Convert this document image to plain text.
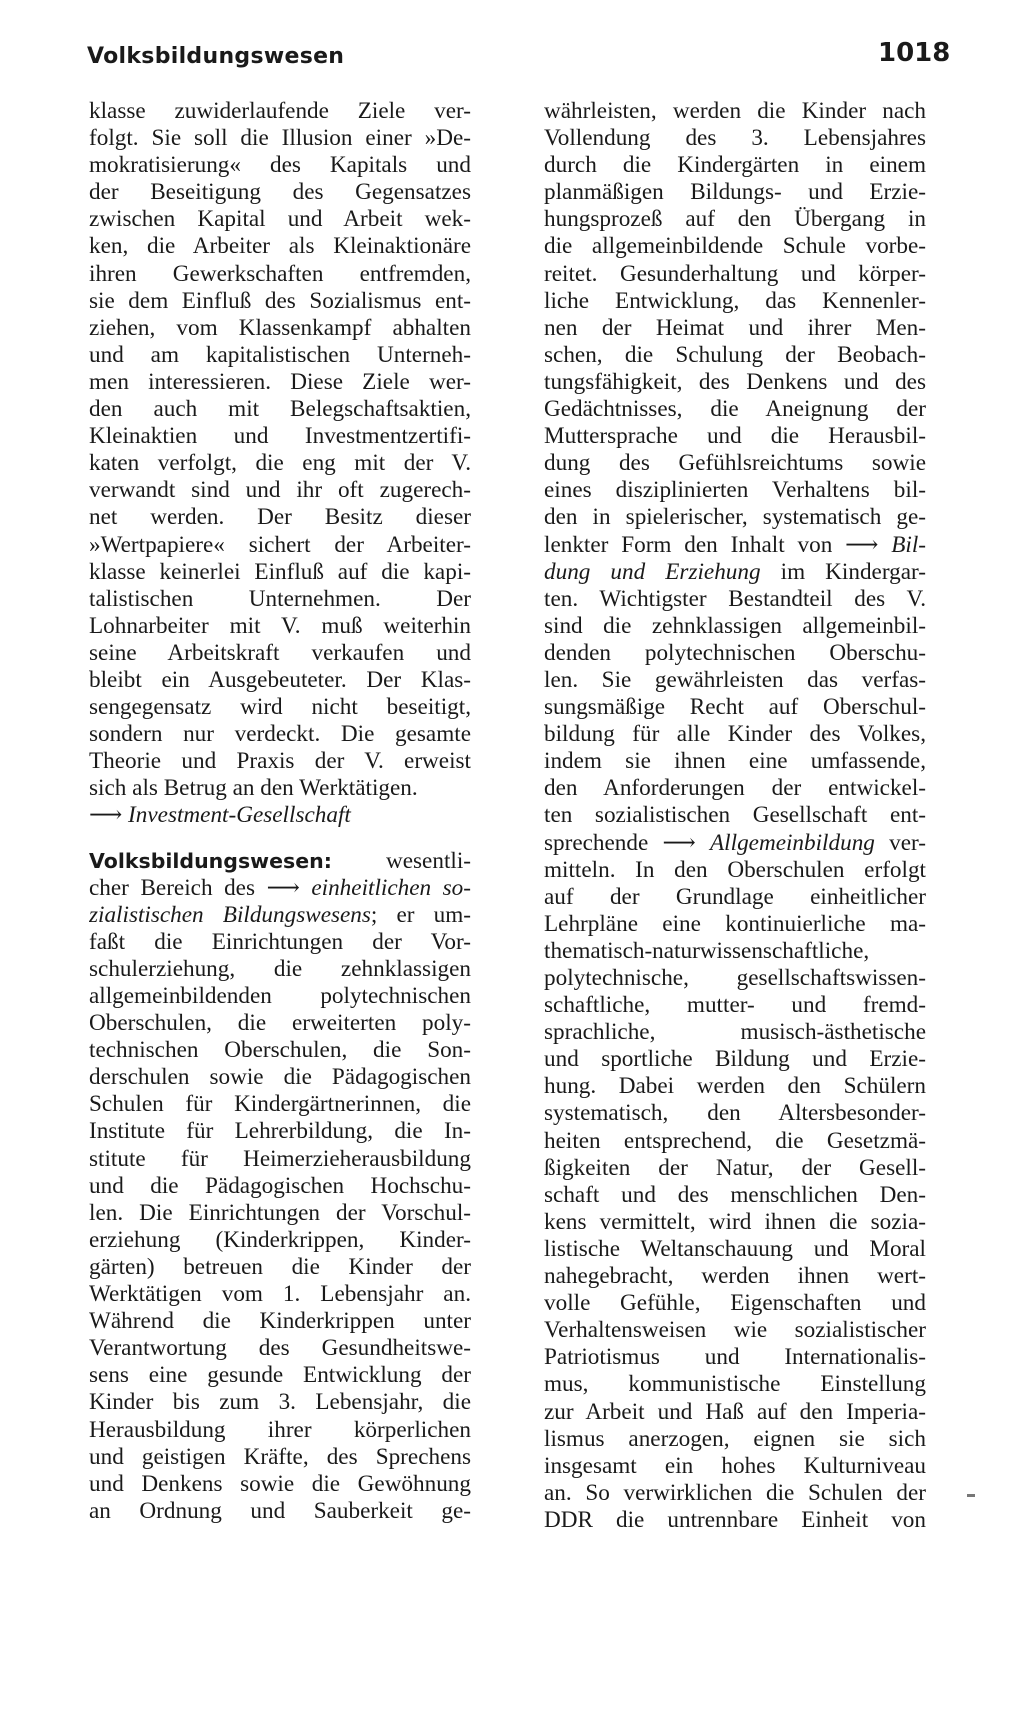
Volksbildungswesen	1018

klasse zuwiderlaufende Ziele ver-
folgt. Sie soll die Illusion einer »De-
mokratisierung« des Kapitals und
der Beseitigung des Gegensatzes
zwischen Kapital und Arbeit wek-
ken, die Arbeiter als Kleinaktionäre
ihren Gewerkschaften entfremden,
sie dem Einfluß des Sozialismus ent-
ziehen, vom Klassenkampf abhalten
und am kapitalistischen Unterneh-
men interessieren. Diese Ziele wer-
den auch mit Belegschaftsaktien,
Kleinaktien und Investmentzertifi-
katen verfolgt, die eng mit der V.
verwandt sind und ihr oft zugerech-
net werden. Der Besitz dieser
»Wertpapiere« sichert der Arbeiter-
klasse keinerlei Einfluß auf die kapi-
talistischen Unternehmen. Der
Lohnarbeiter mit V. muß weiterhin
seine Arbeitskraft verkaufen und
bleibt ein Ausgebeuteter. Der Klas-
sengegensatz wird nicht beseitigt,
sondern nur verdeckt. Die gesamte
Theorie und Praxis der V. erweist
sich als Betrug an den Werktätigen.
⟶ Investment-Gesellschaft

Volksbildungswesen: wesentli-
cher Bereich des ⟶ einheitlichen so-
zialistischen Bildungswesens; er um-
faßt die Einrichtungen der Vor-
schulerziehung, die zehnklassigen
allgemeinbildenden polytechnischen
Oberschulen, die erweiterten poly-
technischen Oberschulen, die Son-
derschulen sowie die Pädagogischen
Schulen für Kindergärtnerinnen, die
Institute für Lehrerbildung, die In-
stitute für Heimerzieherausbildung
und die Pädagogischen Hochschu-
len. Die Einrichtungen der Vorschul-
erziehung (Kinderkrippen, Kinder-
gärten) betreuen die Kinder der
Werktätigen vom 1. Lebensjahr an.
Während die Kinderkrippen unter
Verantwortung des Gesundheitswe-
sens eine gesunde Entwicklung der
Kinder bis zum 3. Lebensjahr, die
Herausbildung ihrer körperlichen
und geistigen Kräfte, des Sprechens
und Denkens sowie die Gewöhnung
an Ordnung und Sauberkeit ge-

währleisten, werden die Kinder nach
Vollendung des 3. Lebensjahres
durch die Kindergärten in einem
planmäßigen Bildungs- und Erzie-
hungsprozeß auf den Übergang in
die allgemeinbildende Schule vorbe-
reitet. Gesunderhaltung und körper-
liche Entwicklung, das Kennenler-
nen der Heimat und ihrer Men-
schen, die Schulung der Beobach-
tungsfähigkeit, des Denkens und des
Gedächtnisses, die Aneignung der
Muttersprache und die Herausbil-
dung des Gefühlsreichtums sowie
eines disziplinierten Verhaltens bil-
den in spielerischer, systematisch ge-
lenkter Form den Inhalt von ⟶ Bil-
dung und Erziehung im Kindergar-
ten. Wichtigster Bestandteil des V.
sind die zehnklassigen allgemeinbil-
denden polytechnischen Oberschu-
len. Sie gewährleisten das verfas-
sungsmäßige Recht auf Oberschul-
bildung für alle Kinder des Volkes,
indem sie ihnen eine umfassende,
den Anforderungen der entwickel-
ten sozialistischen Gesellschaft ent-
sprechende ⟶ Allgemeinbildung ver-
mitteln. In den Oberschulen erfolgt
auf der Grundlage einheitlicher
Lehrpläne eine kontinuierliche ma-
thematisch-naturwissenschaftliche,
polytechnische, gesellschaftswissen-
schaftliche, mutter- und fremd-
sprachliche, musisch-ästhetische
und sportliche Bildung und Erzie-
hung. Dabei werden den Schülern
systematisch, den Altersbesonder-
heiten entsprechend, die Gesetzmä-
ßigkeiten der Natur, der Gesell-
schaft und des menschlichen Den-
kens vermittelt, wird ihnen die sozia-
listische Weltanschauung und Moral
nahegebracht, werden ihnen wert-
volle Gefühle, Eigenschaften und
Verhaltensweisen wie sozialistischer
Patriotismus und Internationalis-
mus, kommunistische Einstellung
zur Arbeit und Haß auf den Imperia-
lismus anerzogen, eignen sie sich
insgesamt ein hohes Kulturniveau
an. So verwirklichen die Schulen der
DDR die untrennbare Einheit von
